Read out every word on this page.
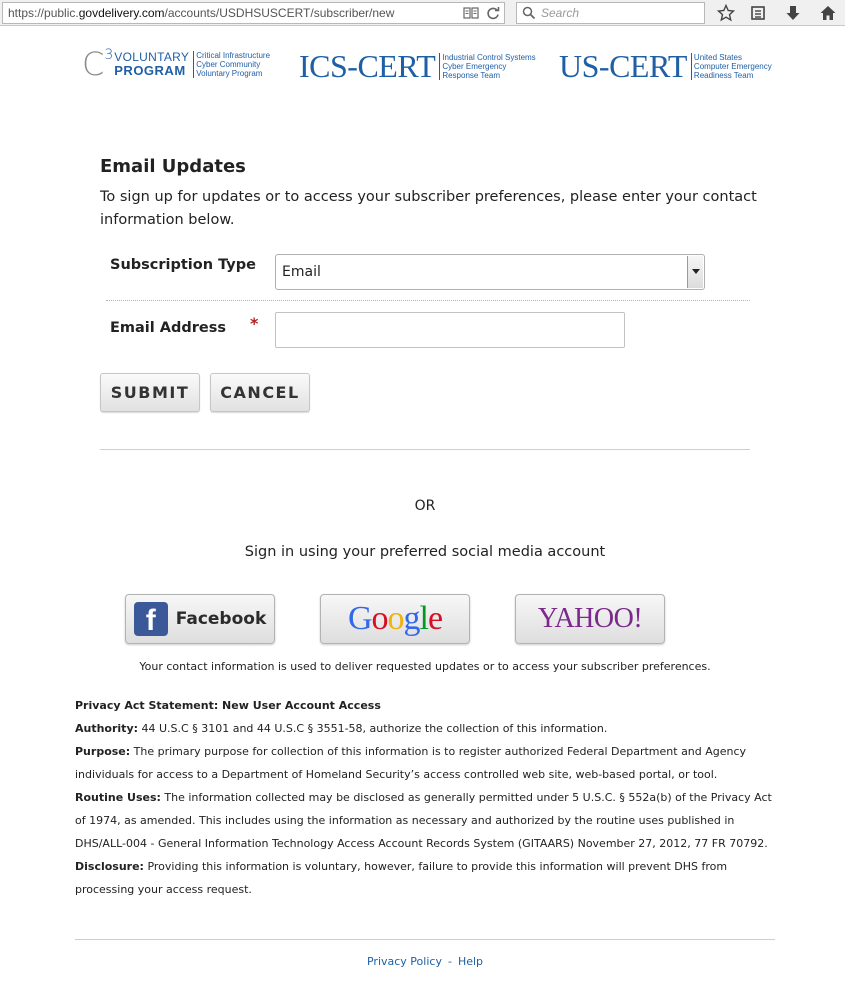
https://public.govdelivery.com/accounts/USDHSUSCERT/subscriber/new	Search
$C^3$ VOLUNTARY
PROGRAM
Critical Infrastructure
Cyber Community
Voluntary Program ICS-CERT Industrial Control Systems
Cyber Emergency
Response Team	US-CERT United States
Computer Emergency
Readiness Team
Email Updates
To sign up for updates or to access your subscriber preferences, please enter your contact information below.
Subscription Type	Email
Email Address *
SUBMIT	CANCEL
OR
Sign in using your preferred social media account
f	Facebook Google	YAHOO!
Your contact information is used to deliver requested updates or to access your subscriber preferences.
Privacy Act Statement: New User Account Access
Authority: 44 U.S.C § 3101 and 44 U.S.C § 3551-58, authorize the collection of this information.
Purpose: The primary purpose for collection of this information is to register authorized Federal Department and Agency individuals for access to a Department of Homeland Security’s access controlled web site, web-based portal, or tool.
Routine Uses: The information collected may be disclosed as generally permitted under 5 U.S.C. § 552a(b) of the Privacy Act of 1974, as amended. This includes using the information as necessary and authorized by the routine uses published in DHS/ALL-004 - General Information Technology Access Account Records System (GITAARS) November 27, 2012, 77 FR 70792.
Disclosure: Providing this information is voluntary, however, failure to provide this information will prevent DHS from processing your access request.
Privacy Policy - Help
